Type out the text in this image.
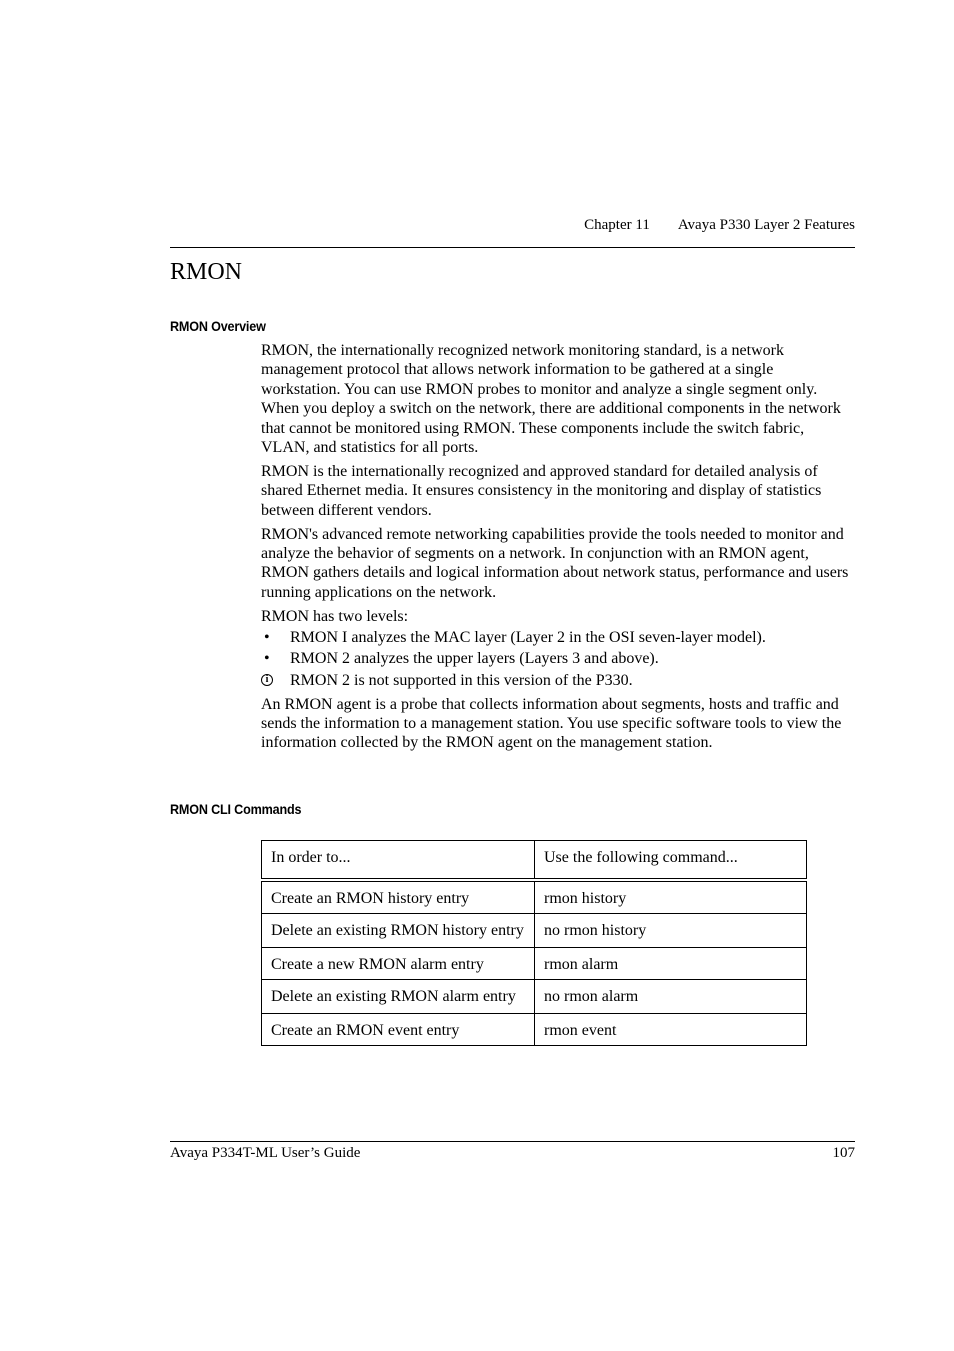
Chapter 11 Avaya P330 Layer 2 Features
RMON
RMON Overview

RMON, the internationally recognized network monitoring standard, is a network management protocol that allows network information to be gathered at a single workstation. You can use RMON probes to monitor and analyze a single segment only. When you deploy a switch on the network, there are additional components in the network that cannot be monitored using RMON. These components include the switch fabric, VLAN, and statistics for all ports.

RMON is the internationally recognized and approved standard for detailed analysis of shared Ethernet media. It ensures consistency in the monitoring and display of statistics between different vendors.

RMON's advanced remote networking capabilities provide the tools needed to monitor and analyze the behavior of segments on a network. In conjunction with an RMON agent, RMON gathers details and logical information about network status, performance and users running applications on the network.

RMON has two levels:

• RMON I analyzes the MAC layer (Layer 2 in the OSI seven-layer model).
• RMON 2 analyzes the upper layers (Layers 3 and above).
i RMON 2 is not supported in this version of the P330.

An RMON agent is a probe that collects information about segments, hosts and traffic and sends the information to a management station. You use specific software tools to view the information collected by the RMON agent on the management station.

RMON CLI Commands
In order to...	Use the following command...
Create an RMON history entry	rmon history
Delete an existing RMON history entry	no rmon history
Create a new RMON alarm entry	rmon alarm
Delete an existing RMON alarm entry	no rmon alarm
Create an RMON event entry	rmon event
Avaya P334T-ML User’s Guide	107
